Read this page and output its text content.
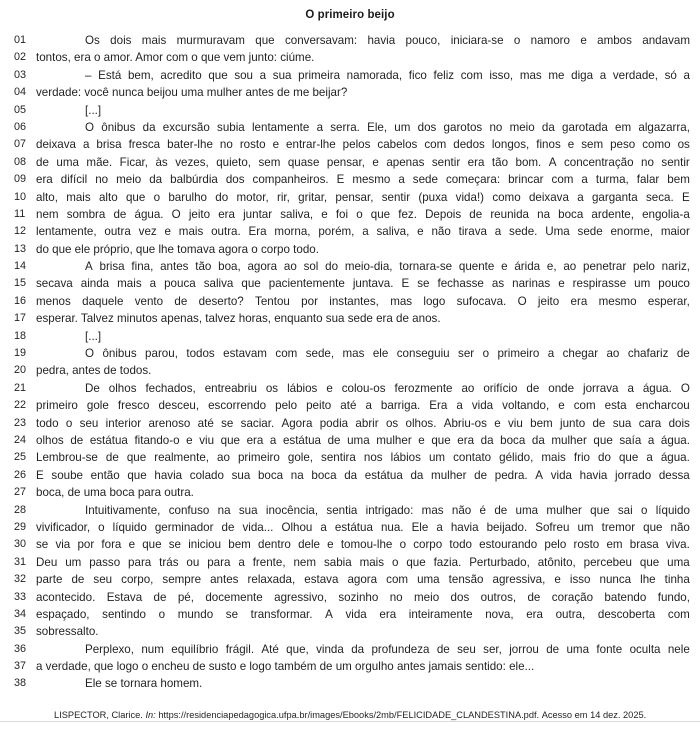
O primeiro beijo
01	Os dois mais murmuravam que conversavam: havia pouco, iniciara-se o namoro e ambos andavam
02 tontos, era o amor. Amor com o que vem junto: ciúme.
03	– Está bem, acredito que sou a sua primeira namorada, fico feliz com isso, mas me diga a verdade, só a
04 verdade: você nunca beijou uma mulher antes de me beijar?
05	[...]
06	O ônibus da excursão subia lentamente a serra. Ele, um dos garotos no meio da garotada em algazarra,
07 deixava a brisa fresca bater-lhe no rosto e entrar-lhe pelos cabelos com dedos longos, finos e sem peso como os
08 de uma mãe. Ficar, às vezes, quieto, sem quase pensar, e apenas sentir era tão bom. A concentração no sentir
09 era difícil no meio da balbúrdia dos companheiros. E mesmo a sede começara: brincar com a turma, falar bem
10 alto, mais alto que o barulho do motor, rir, gritar, pensar, sentir (puxa vida!) como deixava a garganta seca. E
11 nem sombra de água. O jeito era juntar saliva, e foi o que fez. Depois de reunida na boca ardente, engolia-a
12 lentamente, outra vez e mais outra. Era morna, porém, a saliva, e não tirava a sede. Uma sede enorme, maior
13 do que ele próprio, que lhe tomava agora o corpo todo.
14	A brisa fina, antes tão boa, agora ao sol do meio-dia, tornara-se quente e árida e, ao penetrar pelo nariz,
15 secava ainda mais a pouca saliva que pacientemente juntava. E se fechasse as narinas e respirasse um pouco
16 menos daquele vento de deserto? Tentou por instantes, mas logo sufocava. O jeito era mesmo esperar,
17 esperar. Talvez minutos apenas, talvez horas, enquanto sua sede era de anos.
18	[...]
19	O ônibus parou, todos estavam com sede, mas ele conseguiu ser o primeiro a chegar ao chafariz de
20 pedra, antes de todos.
21	De olhos fechados, entreabriu os lábios e colou-os ferozmente ao orifício de onde jorrava a água. O
22 primeiro gole fresco desceu, escorrendo pelo peito até a barriga. Era a vida voltando, e com esta encharcou
23 todo o seu interior arenoso até se saciar. Agora podia abrir os olhos. Abriu-os e viu bem junto de sua cara dois
24 olhos de estátua fitando-o e viu que era a estátua de uma mulher e que era da boca da mulher que saía a água.
25 Lembrou-se de que realmente, ao primeiro gole, sentira nos lábios um contato gélido, mais frio do que a água.
26 E soube então que havia colado sua boca na boca da estátua da mulher de pedra. A vida havia jorrado dessa
27 boca, de uma boca para outra.
28	Intuitivamente, confuso na sua inocência, sentia intrigado: mas não é de uma mulher que sai o líquido
29 vivificador, o líquido germinador de vida... Olhou a estátua nua. Ele a havia beijado. Sofreu um tremor que não
30 se via por fora e que se iniciou bem dentro dele e tomou-lhe o corpo todo estourando pelo rosto em brasa viva.
31 Deu um passo para trás ou para a frente, nem sabia mais o que fazia. Perturbado, atônito, percebeu que uma
32 parte de seu corpo, sempre antes relaxada, estava agora com uma tensão agressiva, e isso nunca lhe tinha
33 acontecido. Estava de pé, docemente agressivo, sozinho no meio dos outros, de coração batendo fundo,
34 espaçado, sentindo o mundo se transformar. A vida era inteiramente nova, era outra, descoberta com
35 sobressalto.
36	Perplexo, num equilíbrio frágil. Até que, vinda da profundeza de seu ser, jorrou de uma fonte oculta nele
37 a verdade, que logo o encheu de susto e logo também de um orgulho antes jamais sentido: ele...
38	Ele se tornara homem.
LISPECTOR, Clarice. In: https://residenciapedagogica.ufpa.br/images/Ebooks/2mb/FELICIDADE_CLANDESTINA.pdf. Acesso em 14 dez. 2025.
